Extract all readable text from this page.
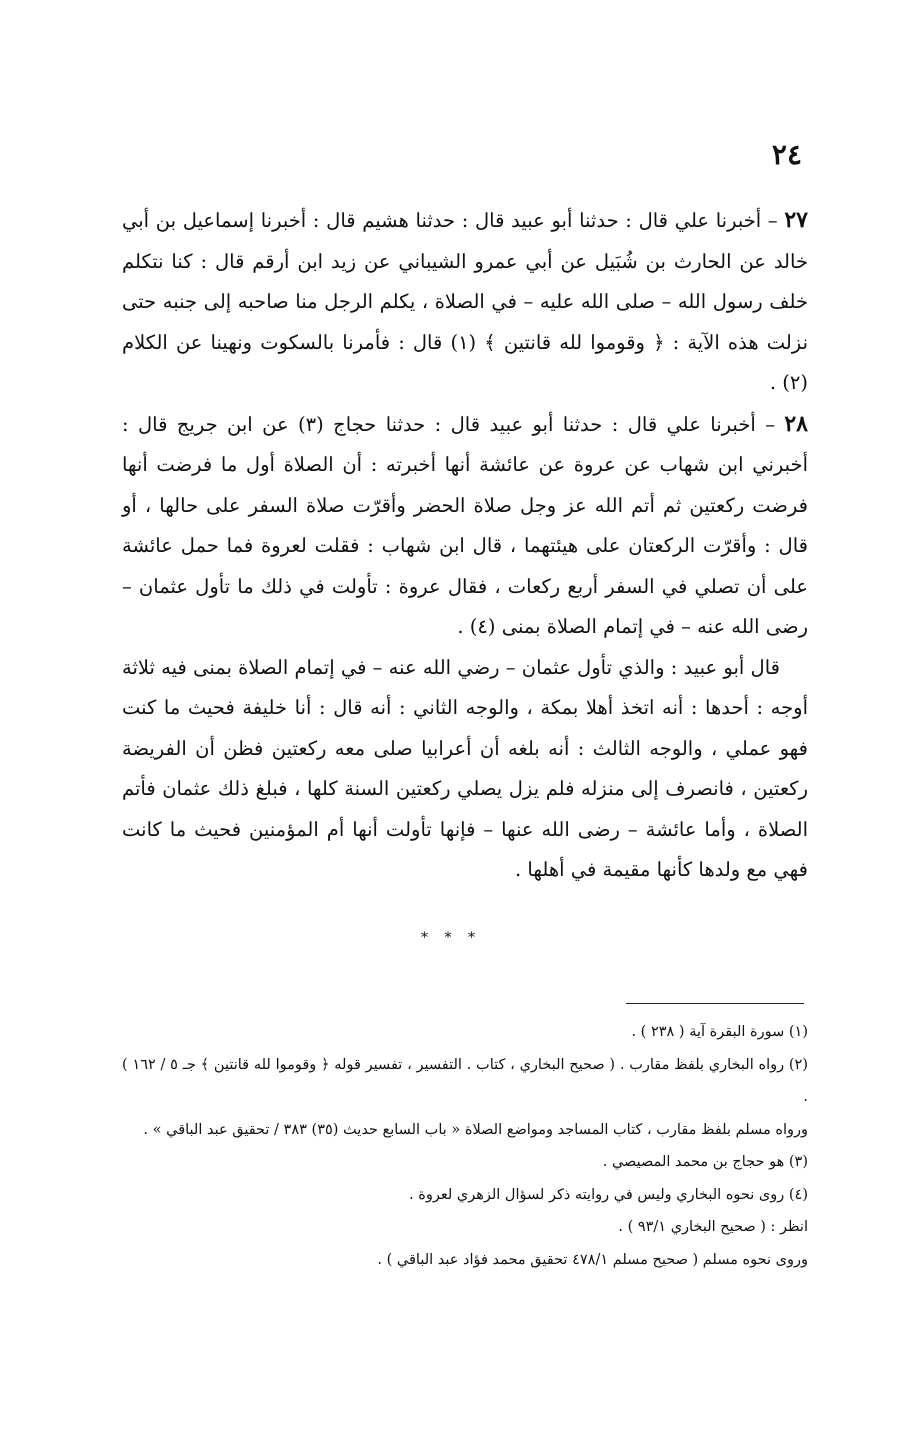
٢٤

٢٧ – أخبرنا علي قال : حدثنا أبو عبيد قال : حدثنا هشيم قال : أخبرنا إسماعيل بن أبي خالد عن الحارث بن شُبَيل عن أبي عمرو الشيباني عن زيد ابن أرقم قال : كنا نتكلم خلف رسول الله – صلى الله عليه – في الصلاة ، يكلم الرجل منا صاحبه إلى جنبه حتى نزلت هذه الآية : ﴿ وقوموا لله قانتين ﴾ (١) قال : فأمرنا بالسكوت ونهينا عن الكلام (٢) .

٢٨ – أخبرنا علي قال : حدثنا أبو عبيد قال : حدثنا حجاج (٣) عن ابن جريج قال : أخبرني ابن شهاب عن عروة عن عائشة أنها أخبرته : أن الصلاة أول ما فرضت أنها فرضت ركعتين ثم أتم الله عز وجل صلاة الحضر وأقرّت صلاة السفر على حالها ، أو قال : وأقرّت الركعتان على هيئتهما ، قال ابن شهاب : فقلت لعروة فما حمل عائشة على أن تصلي في السفر أربع ركعات ، فقال عروة : تأولت في ذلك ما تأول عثمان – رضى الله عنه – في إتمام الصلاة بمنى (٤) .

قال أبو عبيد : والذي تأول عثمان – رضي الله عنه – في إتمام الصلاة بمنى فيه ثلاثة أوجه : أحدها : أنه اتخذ أهلا بمكة ، والوجه الثاني : أنه قال : أنا خليفة فحيث ما كنت فهو عملي ، والوجه الثالث : أنه بلغه أن أعرابيا صلى معه ركعتين فظن أن الفريضة ركعتين ، فانصرف إلى منزله فلم يزل يصلي ركعتين السنة كلها ، فبلغ ذلك عثمان فأتم الصلاة ، وأما عائشة – رضى الله عنها – فإنها تأولت أنها أم المؤمنين فحيث ما كانت فهي مع ولدها كأنها مقيمة في أهلها .

* * *
(١) سورة البقرة آية ( ٢٣٨ ) .
(٢) رواه البخاري بلفظ مقارب . ( صحيح البخاري ، كتاب . التفسير ، تفسير قوله ﴿ وقوموا لله قانتين ﴾ جـ ٥ / ١٦٢ ) .
ورواه مسلم بلفظ مقارب ، كتاب المساجد ومواضع الصلاة « باب السابع حديث (٣٥) ٣٨٣ / تحقيق عبد الباقي » .
(٣) هو حجاج بن محمد المصيصي .
(٤) روى نحوه البخاري وليس في روايته ذكر لسؤال الزهري لعروة .
انظر : ( صحيح البخاري ٩٣/١ ) .
وروى نحوه مسلم ( صحيح مسلم ٤٧٨/١ تحقيق محمد فؤاد عبد الباقي ) .
